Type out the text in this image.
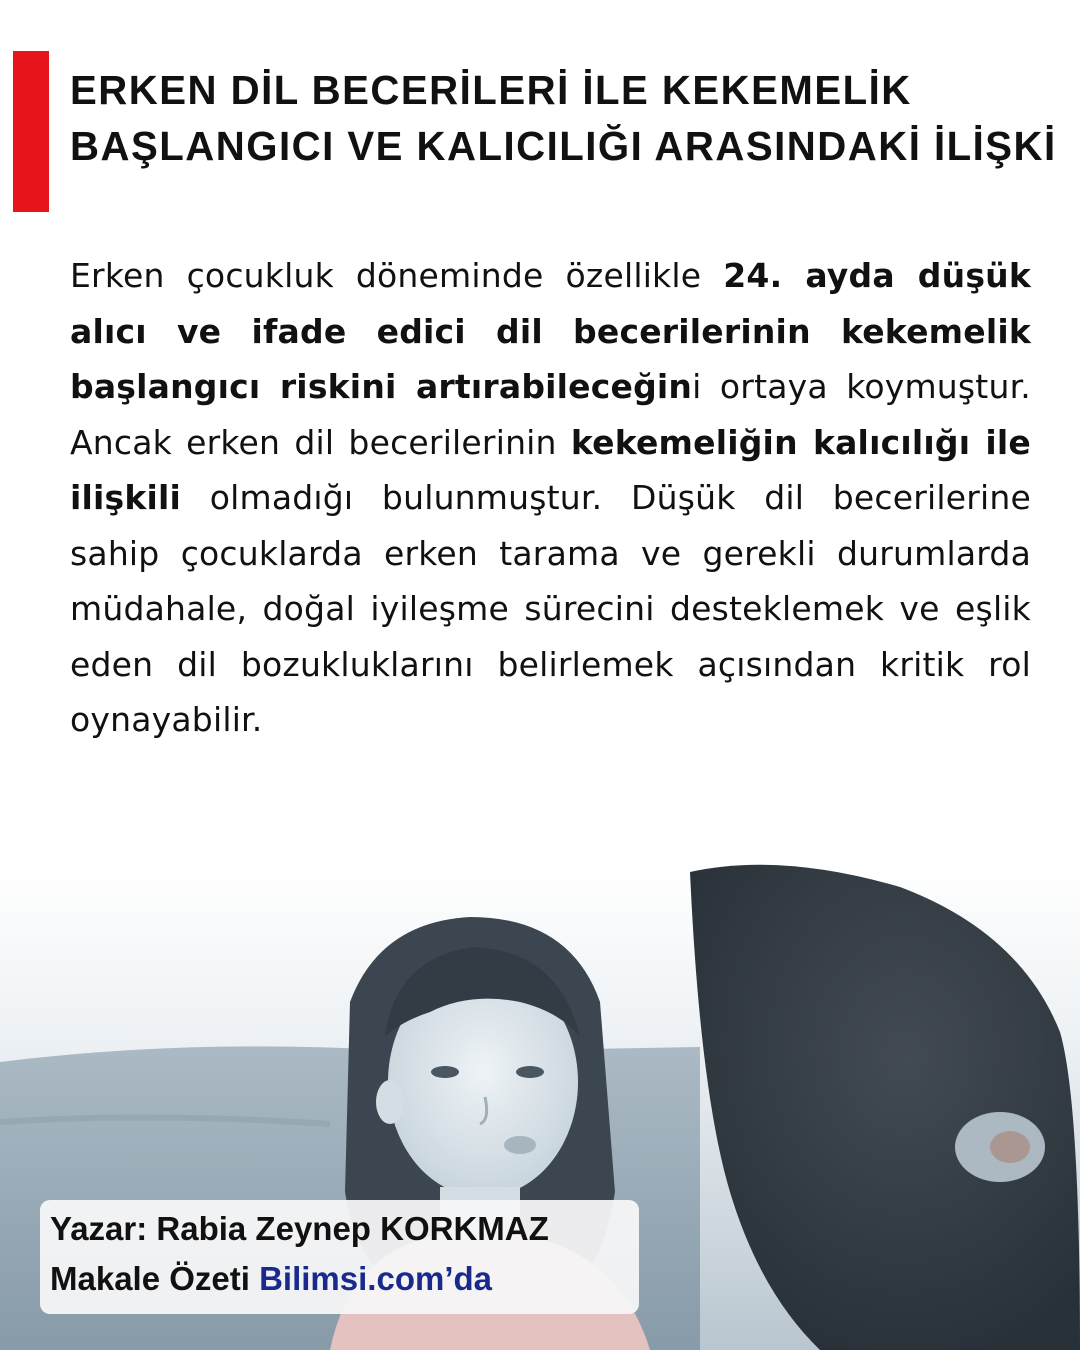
ERKEN DİL BECERİLERİ İLE KEKEMELİK
BAŞLANGICI VE KALICILIĞI ARASINDAKİ İLİŞKİ

Erken çocukluk döneminde özellikle 24. ayda düşük alıcı ve ifade edici dil becerilerinin kekemelik başlangıcı riskini artırabileceğini ortaya koymuştur. Ancak erken dil becerilerinin kekemeliğin kalıcılığı ile ilişkili olmadığı bulunmuştur. Düşük dil becerilerine sahip çocuklarda erken tarama ve gerekli durumlarda müdahale, doğal iyileşme sürecini desteklemek ve eşlik eden dil bozukluklarını belirlemek açısından kritik rol oynayabilir.

Yazar: Rabia Zeynep KORKMAZ
Makale Özeti Bilimsi.com’da
